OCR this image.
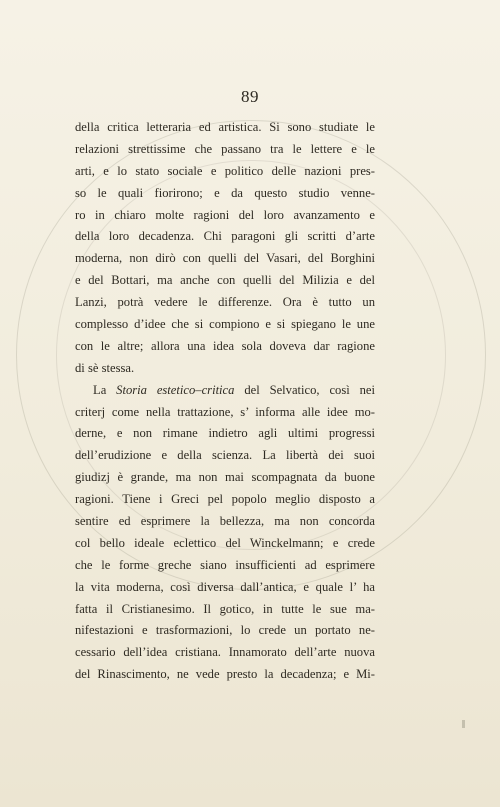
89
della critica letteraria ed artistica. Si sono studiate le
relazioni strettissime che passano tra le lettere e le
arti, e lo stato sociale e politico delle nazioni pres-
so le quali fiorirono; e da questo studio venne-
ro in chiaro molte ragioni del loro avanzamento e
della loro decadenza. Chi paragoni gli scritti d’arte
moderna, non dirò con quelli del Vasari, del Borghini
e del Bottari, ma anche con quelli del Milizia e del
Lanzi, potrà vedere le differenze. Ora è tutto un
complesso d’idee che si compiono e si spiegano le une
con le altre; allora una idea sola doveva dar ragione
di sè stessa.
La Storia estetico–critica del Selvatico, così nei
criterj come nella trattazione, s’ informa alle idee mo-
derne, e non rimane indietro agli ultimi progressi
dell’erudizione e della scienza. La libertà dei suoi
giudizj è grande, ma non mai scompagnata da buone
ragioni. Tiene i Greci pel popolo meglio disposto a
sentire ed esprimere la bellezza, ma non concorda
col bello ideale eclettico del Winckelmann; e crede
che le forme greche siano insufficienti ad esprimere
la vita moderna, così diversa dall’antica, e quale l’ ha
fatta il Cristianesimo. Il gotico, in tutte le sue ma-
nifestazioni e trasformazioni, lo crede un portato ne-
cessario dell’idea cristiana. Innamorato dell’arte nuova
del Rinascimento, ne vede presto la decadenza; e Mi-
